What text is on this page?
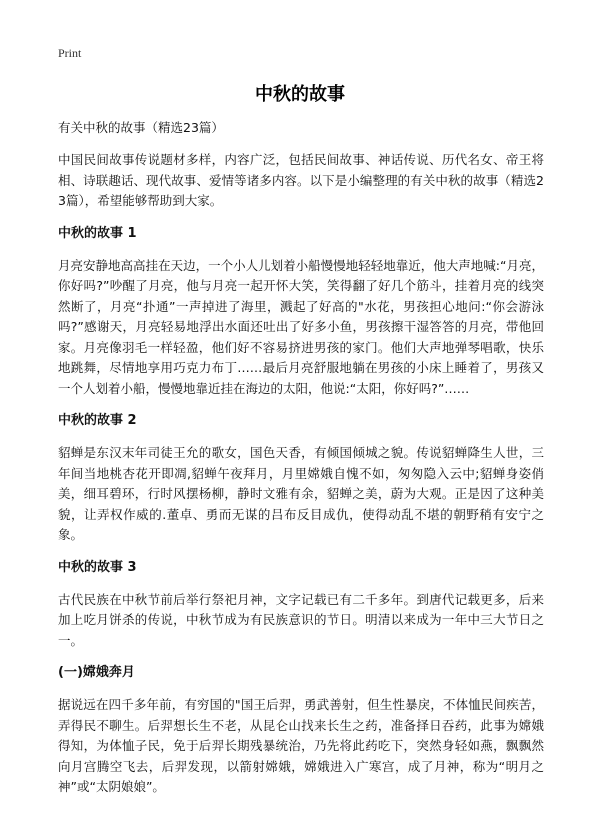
Print
中秋的故事
有关中秋的故事（精选23篇）

中国民间故事传说题材多样，内容广泛，包括民间故事、神话传说、历代名女、帝王将相、诗联趣话、现代故事、爱情等诸多内容。以下是小编整理的有关中秋的故事（精选23篇），希望能够帮助到大家。

中秋的故事 1

月亮安静地高高挂在天边，一个小人儿划着小船慢慢地轻轻地靠近，他大声地喊:“月亮，你好吗?”吵醒了月亮，他与月亮一起开怀大笑，笑得翻了好几个筋斗，挂着月亮的线突然断了，月亮“扑通”一声掉进了海里，溅起了好高的"水花，男孩担心地问:“你会游泳吗?”感谢天，月亮轻易地浮出水面还吐出了好多小鱼，男孩擦干湿答答的月亮，带他回家。月亮像羽毛一样轻盈，他们好不容易挤进男孩的家门。他们大声地弹琴唱歌，快乐地跳舞，尽情地享用巧克力布丁……最后月亮舒服地躺在男孩的小床上睡着了，男孩又一个人划着小船，慢慢地靠近挂在海边的太阳，他说:“太阳，你好吗?”……

中秋的故事 2

貂蝉是东汉末年司徒王允的歌女，国色天香，有倾国倾城之貌。传说貂蝉降生人世，三年间当地桃杏花开即凋,貂蝉午夜拜月，月里嫦娥自愧不如，匆匆隐入云中;貂蝉身姿俏美，细耳碧环，行时风摆杨柳，静时文雅有余，貂蝉之美，蔚为大观。正是因了这种美貌，让弄权作威的.董卓、勇而无谋的吕布反目成仇，使得动乱不堪的朝野稍有安宁之象。

中秋的故事 3

古代民族在中秋节前后举行祭祀月神，文字记载已有二千多年。到唐代记载更多，后来加上吃月饼杀的传说，中秋节成为有民族意识的节日。明清以来成为一年中三大节日之一。

(一)嫦娥奔月

据说远在四千多年前，有穷国的"国王后羿，勇武善射，但生性暴戾，不体恤民间疾苦，弄得民不聊生。后羿想长生不老，从昆仑山找来长生之药，准备择日吞药，此事为嫦娥得知，为体恤子民，免于后羿长期残暴统治，乃先将此药吃下，突然身轻如燕，飘飘然向月宫腾空飞去，后羿发现，以箭射嫦娥，嫦娥进入广寒宫，成了月神，称为“明月之神”或“太阴娘娘”。
